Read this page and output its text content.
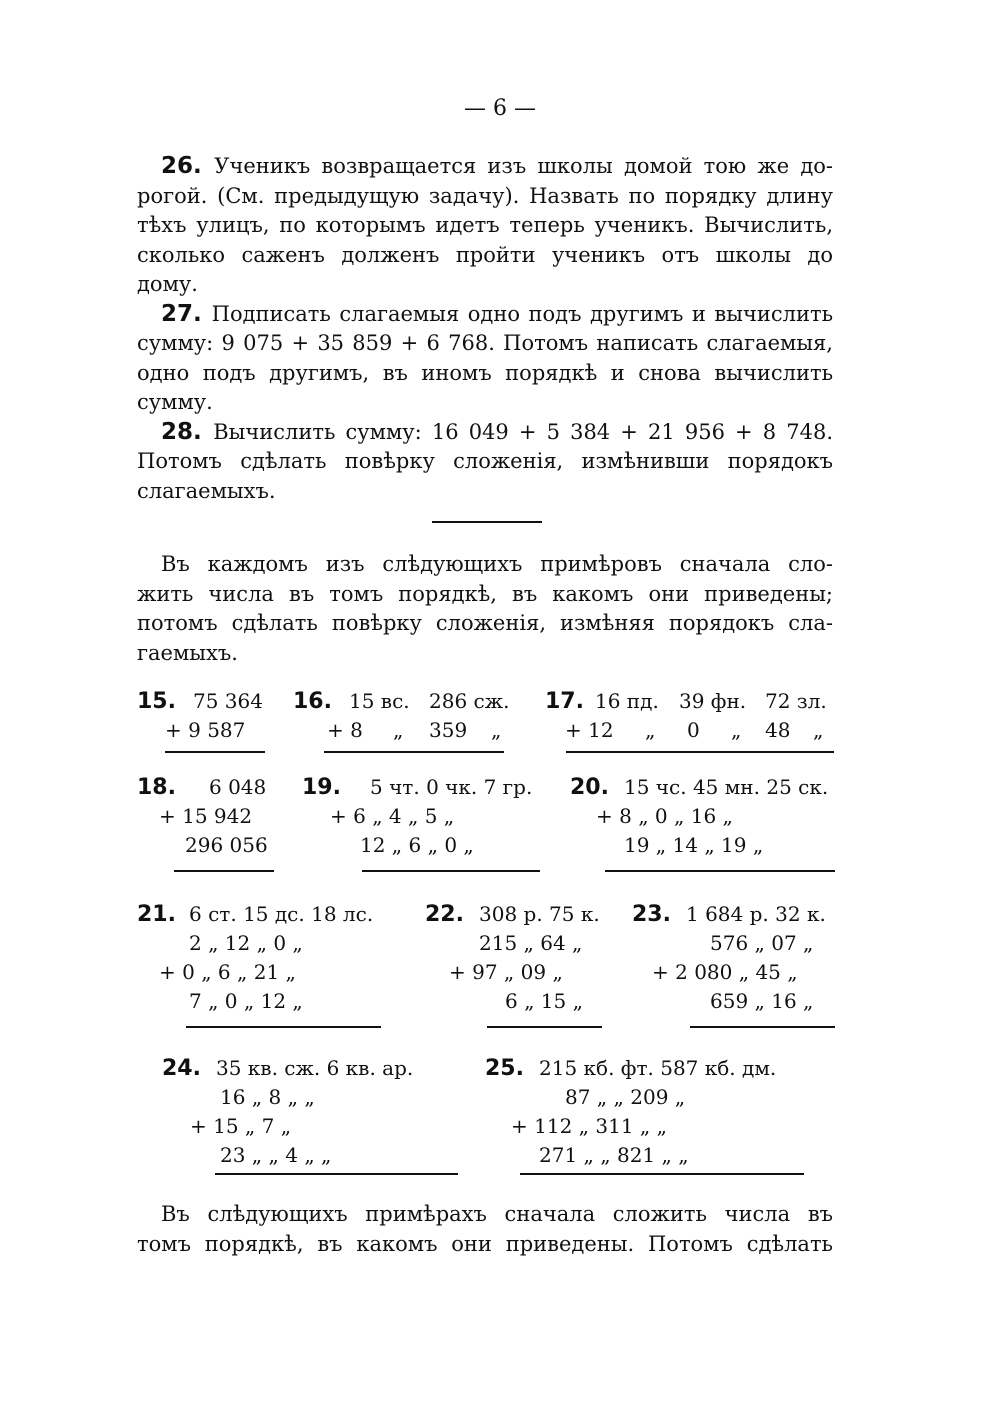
— 6 —

26. Ученикъ возвращается изъ школы домой тою же до-

рогой. (См. предыдущую задачу). Назвать по порядку длину

тѣхъ улицъ, по которымъ идетъ теперь ученикъ. Вычислить,

сколько саженъ долженъ пройти ученикъ отъ школы до

дому.

27. Подписать слагаемыя одно подъ другимъ и вычислить

сумму: 9 075 + 35 859 + 6 768. Потомъ написать слагаемыя,

одно подъ другимъ, въ иномъ порядкѣ и снова вычислить

сумму.

28. Вычислить сумму: 16 049 + 5 384 + 21 956 + 8 748.

Потомъ сдѣлать повѣрку сложенія, измѣнивши порядокъ

слагаемыхъ.

Въ каждомъ изъ слѣдующихъ примѣровъ сначала сло-

жить числа въ томъ порядкѣ, въ какомъ они приведены;

потомъ сдѣлать повѣрку сложенія, измѣняя порядокъ сла-

гаемыхъ.

15. 75 364
+ 9 587
16. 15 вс. 286 сж.
+ 8 „ 359 „
17. 16 пд. 39 фн. 72 зл.
+ 12 „ 0 „ 48 „
18. 6 048
+ 15 942
296 056
19. 5 чт. 0 чк. 7 гр.
+ 6 „ 4 „ 5 „
12 „ 6 „ 0 „
20. 15 чс. 45 мн. 25 ск.
+ 8 „ 0 „ 16 „
19 „ 14 „ 19 „
21. 6 ст. 15 дс. 18 лс.
2 „ 12 „ 0 „
+ 0 „ 6 „ 21 „
7 „ 0 „ 12 „
22. 308 р. 75 к.
215 „ 64 „
+ 97 „ 09 „
6 „ 15 „
23. 1 684 р. 32 к.
576 „ 07 „
+ 2 080 „ 45 „
659 „ 16 „
24. 35 кв. сж. 6 кв. ар.
16 „ 8 „ „
+ 15 „ 7 „
23 „ „ 4 „ „
25. 215 кб. фт. 587 кб. дм.
87 „ „ 209 „
+ 112 „ 311 „ „
271 „ „ 821 „ „

Въ слѣдующихъ примѣрахъ сначала сложить числа въ

томъ порядкѣ, въ какомъ они приведены. Потомъ сдѣлать
